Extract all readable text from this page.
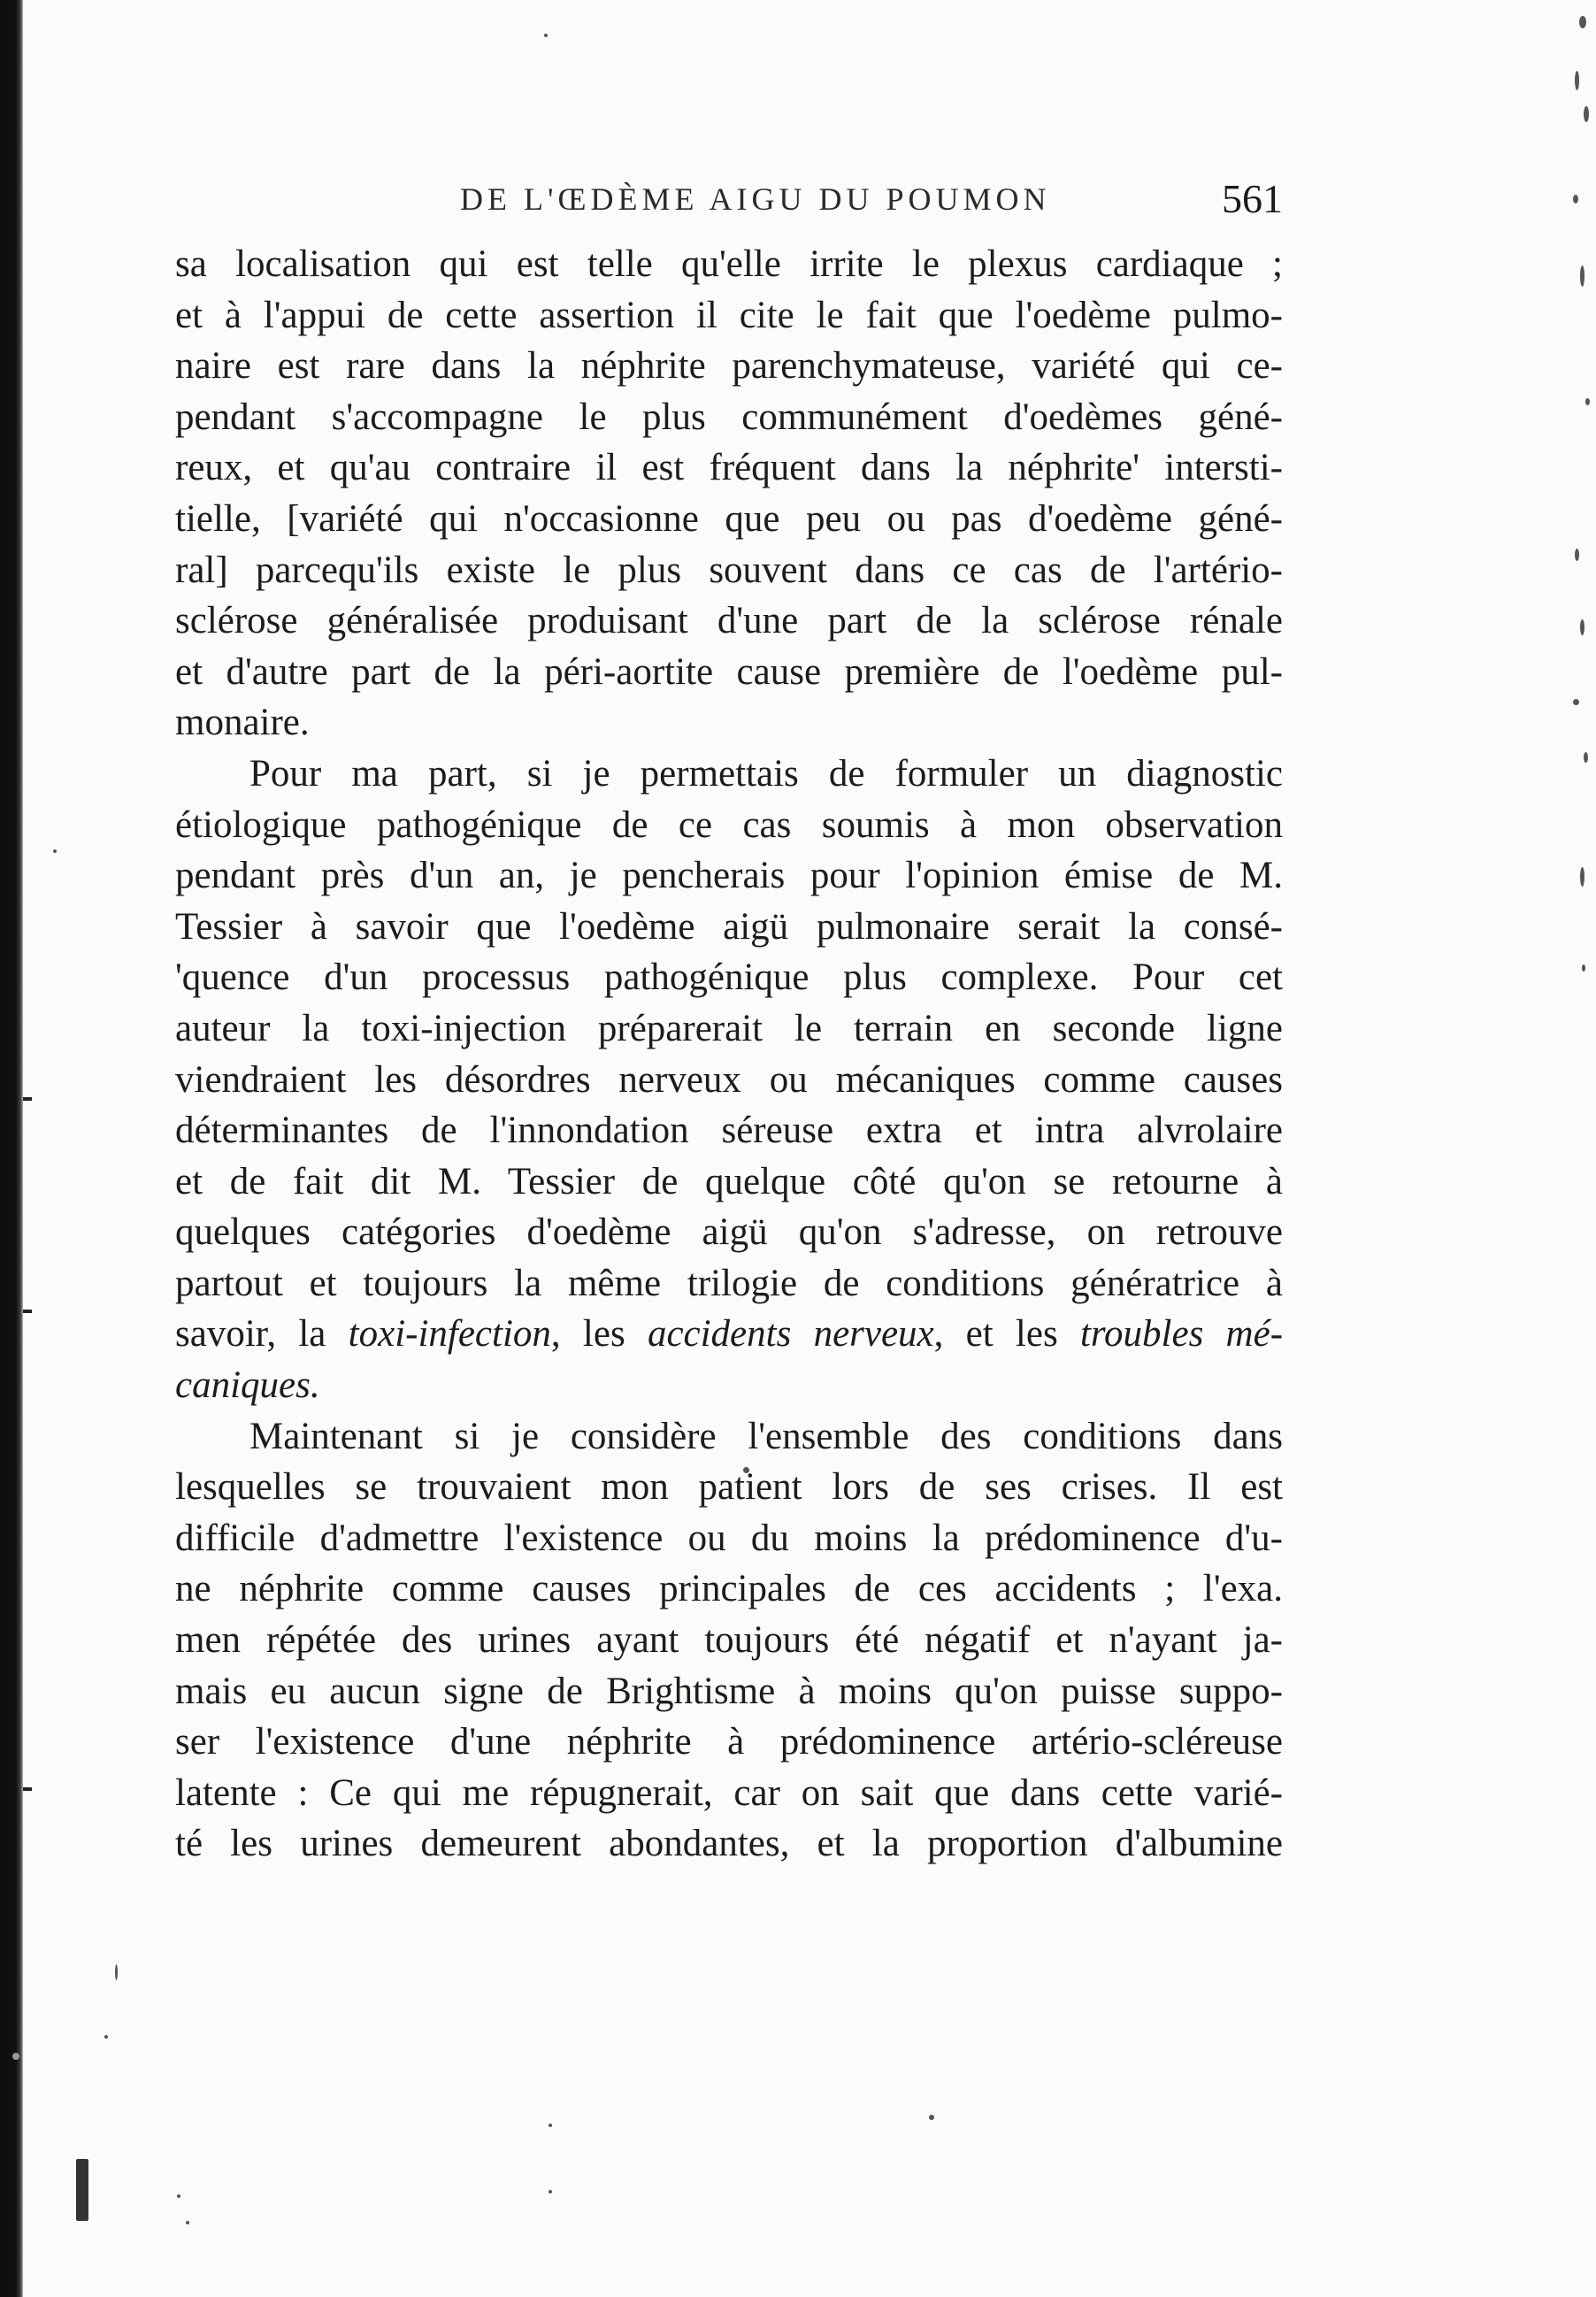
DE L'ŒDÈME AIGU DU POUMON	561
sa localisation qui est telle qu'elle irrite le plexus cardiaque ;
et à l'appui de cette assertion il cite le fait que l'oedème pulmo-
naire est rare dans la néphrite parenchymateuse, variété qui ce-
pendant s'accompagne le plus communément d'oedèmes géné-
reux, et qu'au contraire il est fréquent dans la néphrite' intersti-
tielle, [variété qui n'occasionne que peu ou pas d'oedème géné-
ral] parcequ'ils existe le plus souvent dans ce cas de l'artério-
sclérose généralisée produisant d'une part de la sclérose rénale
et d'autre part de la péri-aortite cause première de l'oedème pul-
monaire.
Pour ma part, si je permettais de formuler un diagnostic
étiologique pathogénique de ce cas soumis à mon observation
pendant près d'un an, je pencherais pour l'opinion émise de M.
Tessier à savoir que l'oedème aigü pulmonaire serait la consé-
'quence d'un processus pathogénique plus complexe. Pour cet
auteur la toxi-injection préparerait le terrain en seconde ligne
viendraient les désordres nerveux ou mécaniques comme causes
déterminantes de l'innondation séreuse extra et intra alvrolaire
et de fait dit M. Tessier de quelque côté qu'on se retourne à
quelques catégories d'oedème aigü qu'on s'adresse, on retrouve
partout et toujours la même trilogie de conditions génératrice à
savoir, la toxi-infection, les accidents nerveux, et les troubles mé-
caniques.
Maintenant si je considère l'ensemble des conditions dans
lesquelles se trouvaient mon patient lors de ses crises. Il est
difficile d'admettre l'existence ou du moins la prédominence d'u-
ne néphrite comme causes principales de ces accidents ; l'exa.
men répétée des urines ayant toujours été négatif et n'ayant ja-
mais eu aucun signe de Brightisme à moins qu'on puisse suppo-
ser l'existence d'une néphrite à prédominence artério-scléreuse
latente : Ce qui me répugnerait, car on sait que dans cette varié-
té les urines demeurent abondantes, et la proportion d'albumine
